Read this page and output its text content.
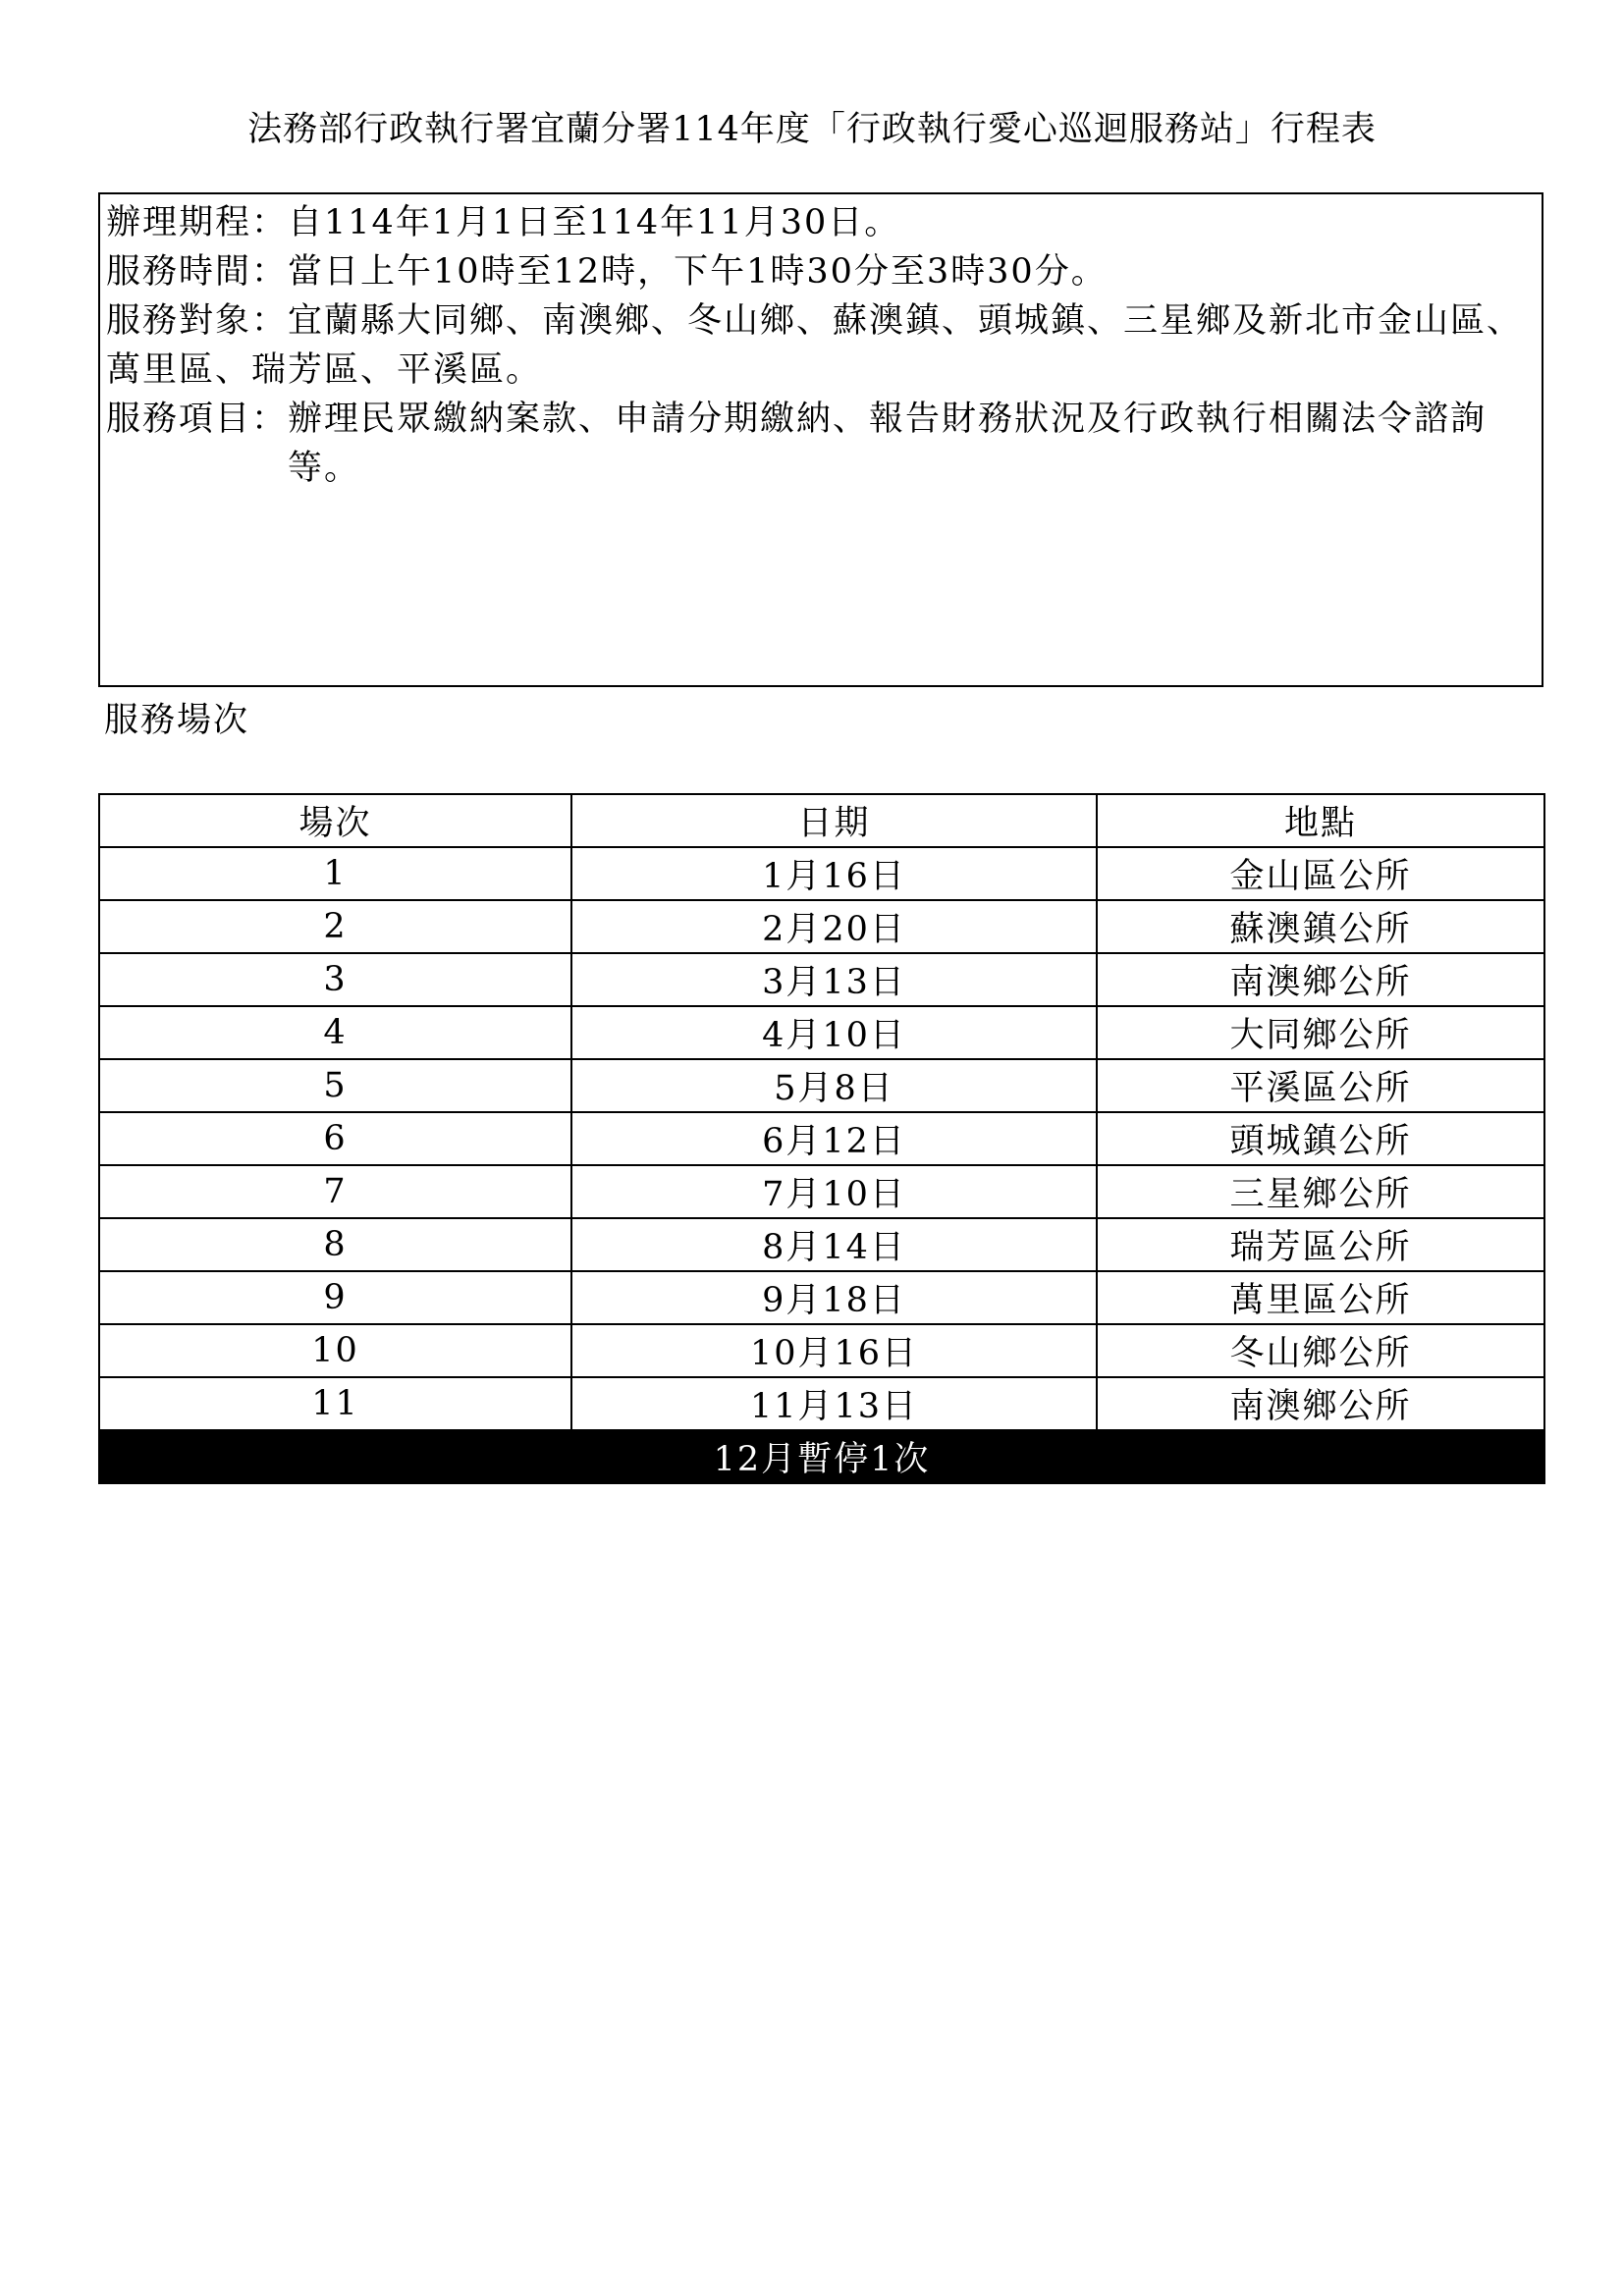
法務部行政執行署宜蘭分署114年度「行政執行愛心巡迴服務站」行程表
辦理期程： 自114年1月1日至114年11月30日。
服務時間： 當日上午10時至12時，下午1時30分至3時30分。
服務對象：宜蘭縣大同鄉、南澳鄉、冬山鄉、蘇澳鎮、頭城鎮、三星鄉及新北市金山區、萬里區、瑞芳區、平溪區。
服務項目： 辦理民眾繳納案款、申請分期繳納、報告財務狀況及行政執行相關法令諮詢等。
服務場次
場次	日期	地點
1	1月16日	金山區公所
2	2月20日	蘇澳鎮公所
3	3月13日	南澳鄉公所
4	4月10日	大同鄉公所
5	5月8日	平溪區公所
6	6月12日	頭城鎮公所
7	7月10日	三星鄉公所
8	8月14日	瑞芳區公所
9	9月18日	萬里區公所
10	10月16日	冬山鄉公所
11	11月13日	南澳鄉公所
12月暫停1次		
